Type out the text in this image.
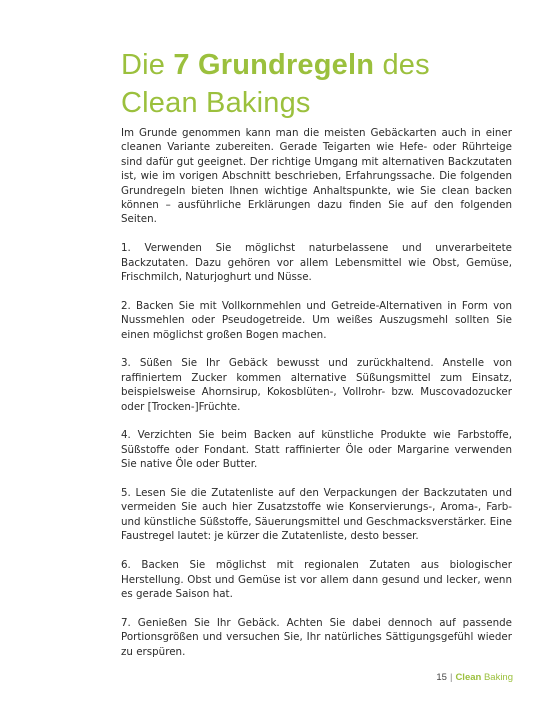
Die 7 Grundregeln des
Clean Bakings

Im Grunde genommen kann man die meisten Gebäckarten auch in einer cleanen Variante zubereiten. Gerade Teigarten wie Hefe- oder Rührteige sind dafür gut geeignet. Der richtige Umgang mit alternativen Backzutaten ist, wie im vorigen Abschnitt beschrieben, Erfahrungssache. Die folgenden Grundregeln bieten Ihnen wichtige Anhaltspunkte, wie Sie clean backen können – ausführliche Erklärungen dazu finden Sie auf den folgenden Seiten.

1. Verwenden Sie möglichst naturbelassene und unverarbeitete Backzutaten. Dazu gehören vor allem Lebensmittel wie Obst, Gemüse, Frischmilch, Naturjoghurt und Nüsse.

2. Backen Sie mit Vollkornmehlen und Getreide-Alternativen in Form von Nussmehlen oder Pseudogetreide. Um weißes Auszugsmehl sollten Sie einen möglichst großen Bogen machen.

3. Süßen Sie Ihr Gebäck bewusst und zurückhaltend. Anstelle von raffiniertem Zucker kommen alternative Süßungsmittel zum Einsatz, beispielsweise Ahornsirup, Kokosblüten-, Vollrohr- bzw. Muscovadozucker oder [Trocken-]Früchte.

4. Verzichten Sie beim Backen auf künstliche Produkte wie Farbstoffe, Süßstoffe oder Fondant. Statt raffinierter Öle oder Margarine verwenden Sie native Öle oder Butter.

5. Lesen Sie die Zutatenliste auf den Verpackungen der Backzutaten und vermeiden Sie auch hier Zusatzstoffe wie Konservierungs-, Aroma-, Farb- und künstliche Süßstoffe, Säuerungsmittel und Geschmacksverstärker. Eine Faustregel lautet: je kürzer die Zutatenliste, desto besser.

6. Backen Sie möglichst mit regionalen Zutaten aus biologischer Herstellung. Obst und Gemüse ist vor allem dann gesund und lecker, wenn es gerade Saison hat.

7. Genießen Sie Ihr Gebäck. Achten Sie dabei dennoch auf passende Portionsgrößen und versuchen Sie, Ihr natürliches Sättigungsgefühl wieder zu erspüren.

15 | Clean Baking
